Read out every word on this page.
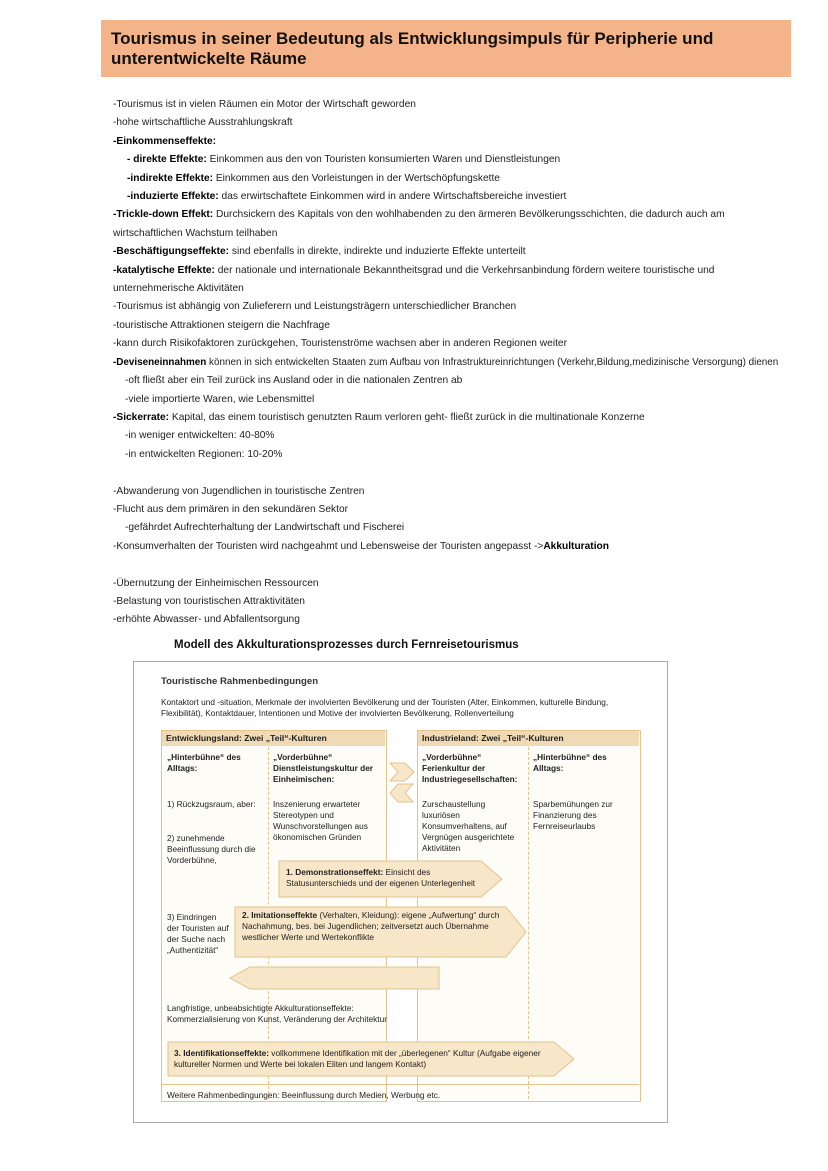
Tourismus in seiner Bedeutung als Entwicklungsimpuls für Peripherie und unterentwickelte Räume
-Tourismus ist in vielen Räumen ein Motor der Wirtschaft geworden
-hohe wirtschaftliche Ausstrahlungskraft
-Einkommenseffekte:
- direkte Effekte: Einkommen aus den von Touristen konsumierten Waren und Dienstleistungen
-indirekte Effekte: Einkommen aus den Vorleistungen in der Wertschöpfungskette
-induzierte Effekte: das erwirtschaftete Einkommen wird in andere Wirtschaftsbereiche investiert
-Trickle-down Effekt: Durchsickern des Kapitals von den wohlhabenden zu den ärmeren Bevölkerungsschichten, die dadurch auch am wirtschaftlichen Wachstum teilhaben
-Beschäftigungseffekte: sind ebenfalls in direkte, indirekte und induzierte Effekte unterteilt
-katalytische Effekte: der nationale und internationale Bekanntheitsgrad und die Verkehrsanbindung fördern weitere touristische und unternehmerische Aktivitäten
-Tourismus ist abhängig von Zulieferern und Leistungsträgern unterschiedlicher Branchen
-touristische Attraktionen steigern die Nachfrage
-kann durch Risikofaktoren zurückgehen, Touristenströme wachsen aber in anderen Regionen weiter
-Deviseneinnahmen können in sich entwickelten Staaten zum Aufbau von Infrastruktureinrichtungen (Verkehr,Bildung,medizinische Versorgung) dienen
-oft fließt aber ein Teil zurück ins Ausland oder in die nationalen Zentren ab
-viele importierte Waren, wie Lebensmittel
-Sickerrate: Kapital, das einem touristisch genutzten Raum verloren geht- fließt zurück in die multinationale Konzerne
-in weniger entwickelten: 40-80%
-in entwickelten Regionen: 10-20%
-Abwanderung von Jugendlichen in touristische Zentren
-Flucht aus dem primären in den sekundären Sektor
-gefährdet Aufrechterhaltung der Landwirtschaft und Fischerei
-Konsumverhalten der Touristen wird nachgeahmt und Lebensweise der Touristen angepasst ->Akkulturation
-Übernutzung der Einheimischen Ressourcen
-Belastung von touristischen Attraktivitäten
-erhöhte Abwasser- und Abfallentsorgung
Modell des Akkulturationsprozesses durch Fernreisetourismus
Entwicklungsland: Zwei „Teil“-Kulturen	Industrieland: Zwei „Teil“-Kulturen
Touristische Rahmenbedingungen
Kontaktort und -situation, Merkmale der involvierten Bevölkerung und der Touristen (Alter, Einkommen, kulturelle Bindung, Flexibilität), Kontaktdauer, Intentionen und Motive der involvierten Bevölkerung, Rollenverteilung
„Hinterbühne“ des Alltags:
„Vorderbühne“ Dienstleistungskultur der Einheimischen:
„Vorderbühne“ Ferienkultur der Industriegesellschaften:
„Hinterbühne“ des Alltags:
1) Rückzugsraum, aber:	Inszenierung erwarteter Stereotypen und Wunschvorstellungen aus ökonomischen Gründen
Zurschaustellung luxuriösen Konsumverhaltens, auf Vergnügen ausgerichtete Aktivitäten
Sparbemühungen zur Finanzierung des Fernreiseurlaubs
2) zunehmende Beeinflussung durch die Vorderbühne,
1. Demonstrationseffekt: Einsicht des Statusunterschieds und der eigenen Unterlegenheit
2. Imitationseffekte (Verhalten, Kleidung): eigene „Aufwertung“ durch Nachahmung, bes. bei Jugendlichen; zeitversetzt auch Übernahme westlicher Werte und Wertekonflikte
3) Eindringen der Touristen auf der Suche nach „Authentizität“
Langfristige, unbeabsichtigte Akkulturationseffekte: Kommerzialisierung von Kunst, Veränderung der Architektur
3. Identifikationseffekte: vollkommene Identifikation mit der „überlegenen“ Kultur (Aufgabe eigener kultureller Normen und Werte bei lokalen Eliten und langem Kontakt)
Weitere Rahmenbedingungen: Beeinflussung durch Medien, Werbung etc.
